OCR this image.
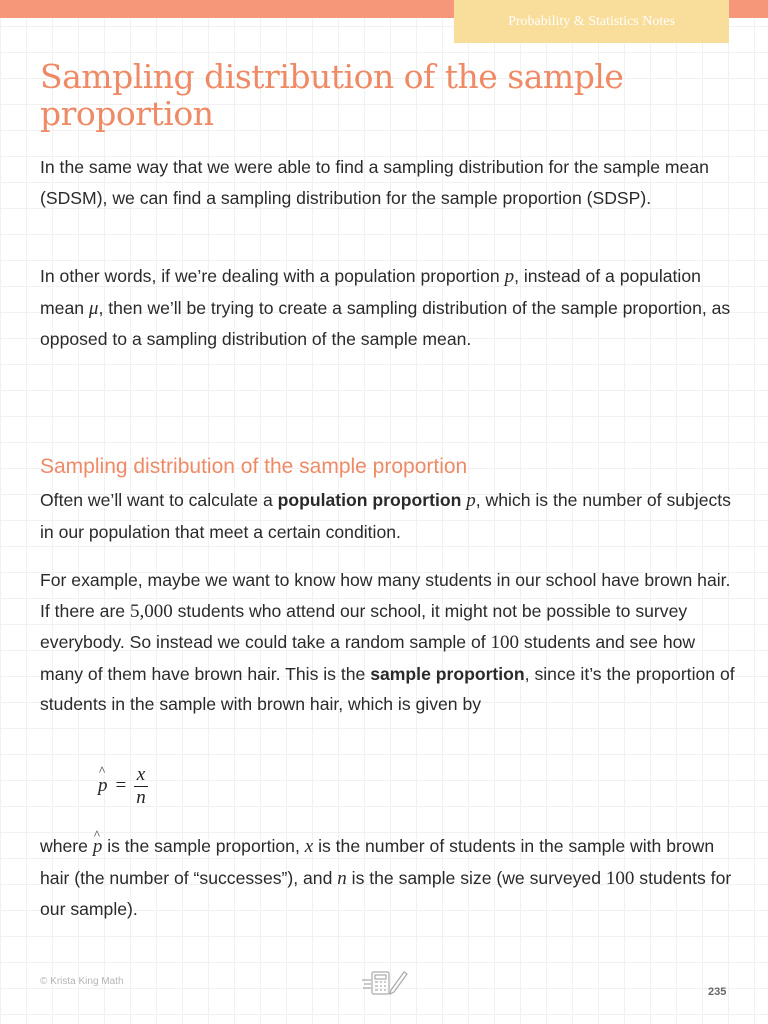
Probability & Statistics Notes
Sampling distribution of the sample proportion

In the same way that we were able to find a sampling distribution for the sample mean (SDSM), we can find a sampling distribution for the sample proportion (SDSP).

In other words, if we’re dealing with a population proportion p, instead of a population mean μ, then we’ll be trying to create a sampling distribution of the sample proportion, as opposed to a sampling distribution of the sample mean.

Sampling distribution of the sample proportion

Often we’ll want to calculate a population proportion p, which is the number of subjects in our population that meet a certain condition.

For example, maybe we want to know how many students in our school have brown hair. If there are 5,000 students who attend our school, it might not be possible to survey everybody. So instead we could take a random sample of 100 students and see how many of them have brown hair. This is the sample proportion, since it’s the proportion of students in the sample with brown hair, which is given by

^ $p = \frac{x}{n}$

where ^ p is the sample proportion, x is the number of students in the sample with brown hair (the number of “successes”), and n is the sample size (we surveyed 100 students for our sample).

© Krista King Math
235
